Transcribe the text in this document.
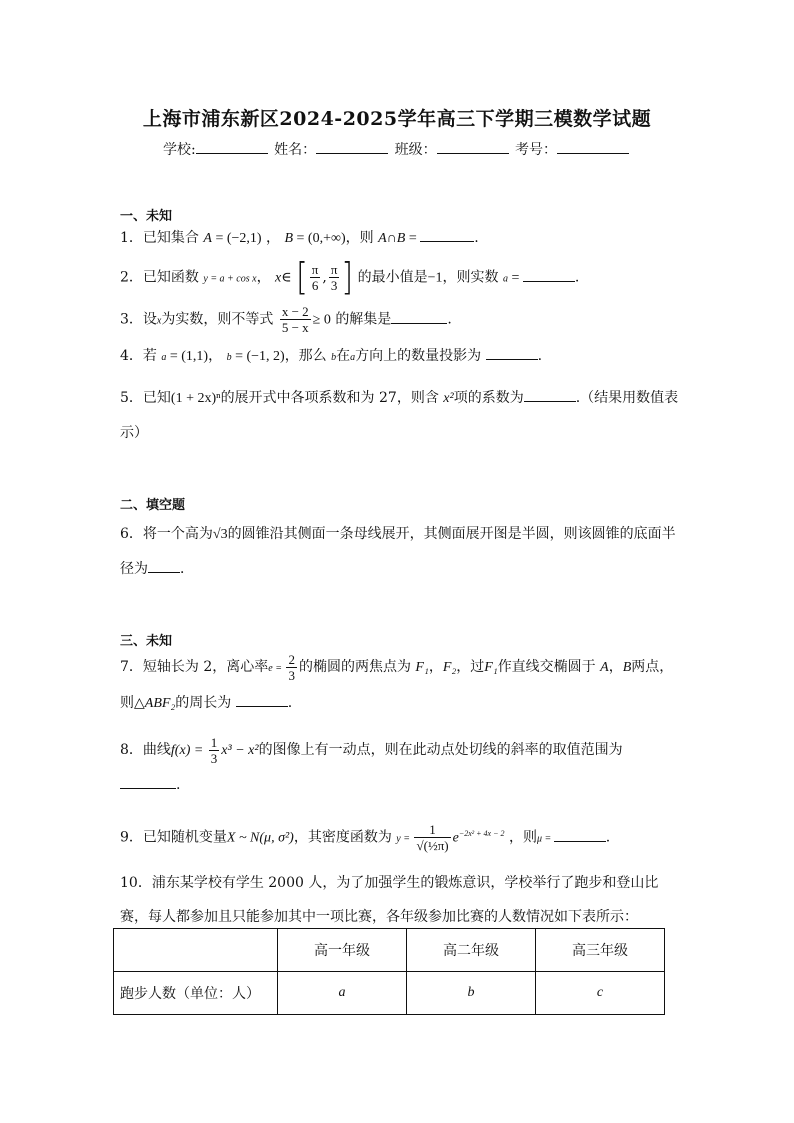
上海市浦东新区2024-2025学年高三下学期三模数学试题
学校:	姓名：	班级：	考号：
一、未知
1．已知集合 A = (−2,1) ， B = (0,+∞)，则 A∩B =	.
2．已知函数 y = a + cos x， x∈ [ $\frac{\pi}{6}$ , $\frac{\pi}{3}$ ] 的最小值是−1，则实数 a =	.
3．设x为实数，则不等式 $\frac{x - 2}{5 - x} \ge 0$ 的解集是	.
4．若 a = (1,1)， b = (−1, 2)，那么 b在a方向上的数量投影为	.
5．已知(1 + 2x)ⁿ的展开式中各项系数和为 27，则含 x²项的系数为	.（结果用数值表示）
二、填空题
6．将一个高为√3的圆锥沿其侧面一条母线展开，其侧面展开图是半圆，则该圆锥的底面半径为 ．
三、未知
7．短轴长为 2，离心率$e = \frac{2}{3}$ 的椭圆的两焦点为 F₁，F₂，过F₁作直线交椭圆于 A，B两点，则△ABF₂的周长为	.
8．曲线$f(x) = \frac{1}{3} x^3 - x^2$的图像上有一动点，则在此动点处切线的斜率的取值范围为 .
9．已知随机变量X ~ N(μ, σ²)，其密度函数为 $y = \frac{1}{\text{√(½π)}} e^{-2x^2 + 4x - 2}$ ，则μ =	.
10．浦东某学校有学生 2000 人，为了加强学生的锻炼意识，学校举行了跑步和登山比赛，每人都参加且只能参加其中一项比赛，各年级参加比赛的人数情况如下表所示：
	高一年级	高二年级	高三年级
跑步人数（单位：人）	a	b	c
